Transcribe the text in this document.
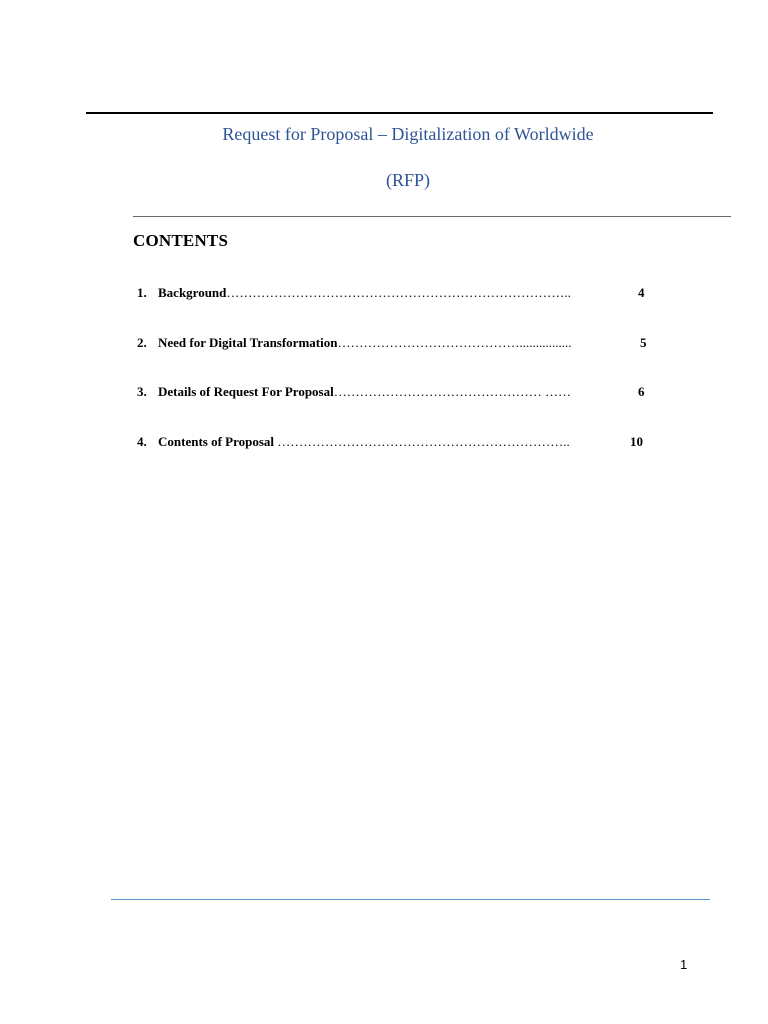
Request for Proposal – Digitalization of Worldwide
(RFP)
CONTENTS
1. Background……………………………………………………………………..	4
2. Need for Digital Transformation……………………………………................	5
3. Details of Request For Proposal………………………………………… ……	6
4. Contents of Proposal …………………………………………………………..	10
1
